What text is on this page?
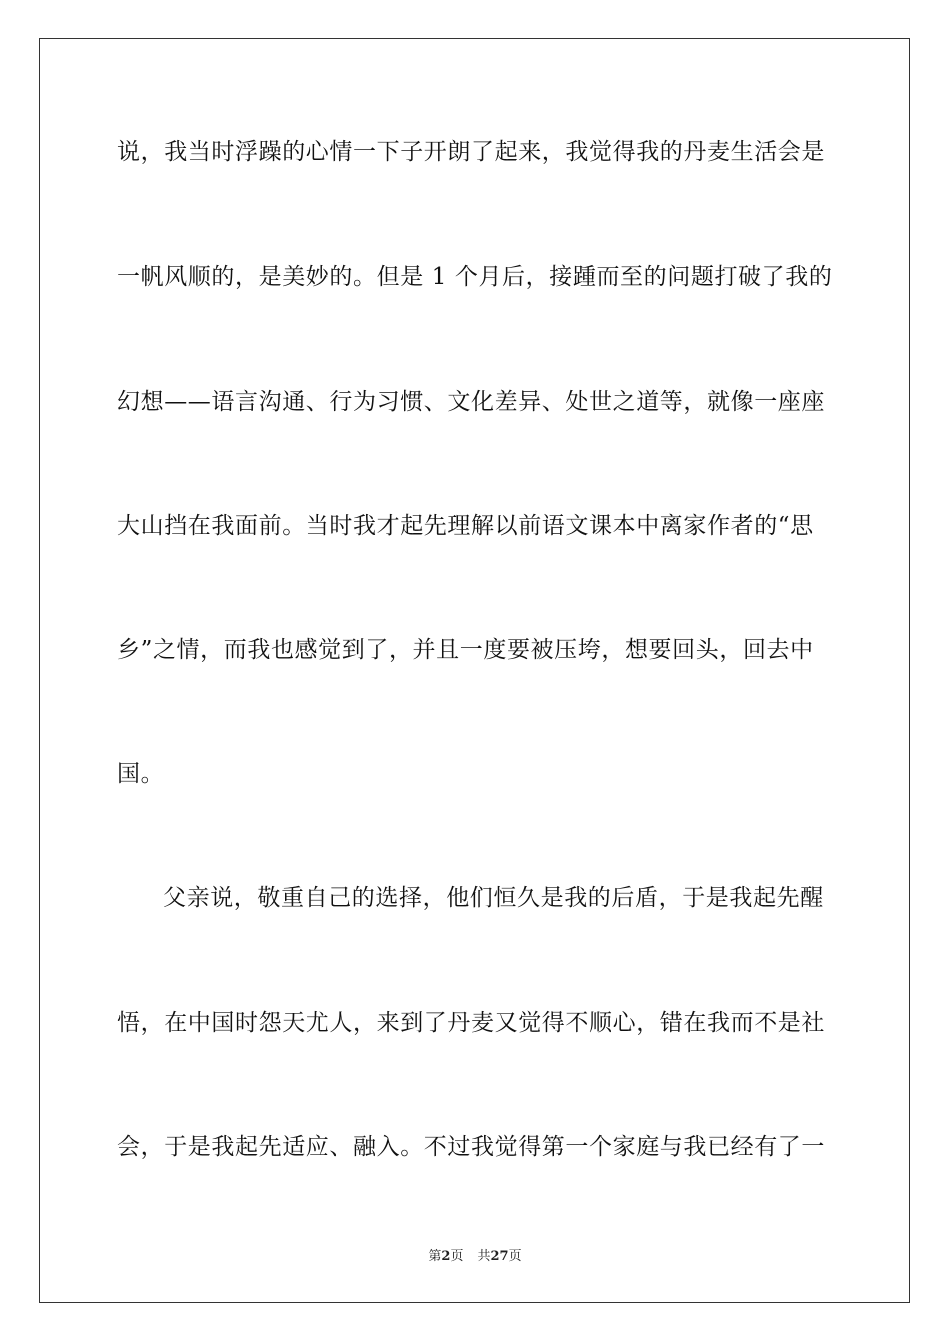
说，我当时浮躁的心情一下子开朗了起来，我觉得我的丹麦生活会是
一帆风顺的，是美妙的。但是 1 个月后，接踵而至的问题打破了我的
幻想——语言沟通、行为习惯、文化差异、处世之道等，就像一座座
大山挡在我面前。当时我才起先理解以前语文课本中离家作者的“思
乡”之情，而我也感觉到了，并且一度要被压垮，想要回头，回去中
国。
父亲说，敬重自己的选择，他们恒久是我的后盾，于是我起先醒
悟，在中国时怨天尤人，来到了丹麦又觉得不顺心，错在我而不是社
会，于是我起先适应、融入。不过我觉得第一个家庭与我已经有了一
第2页 共27页
